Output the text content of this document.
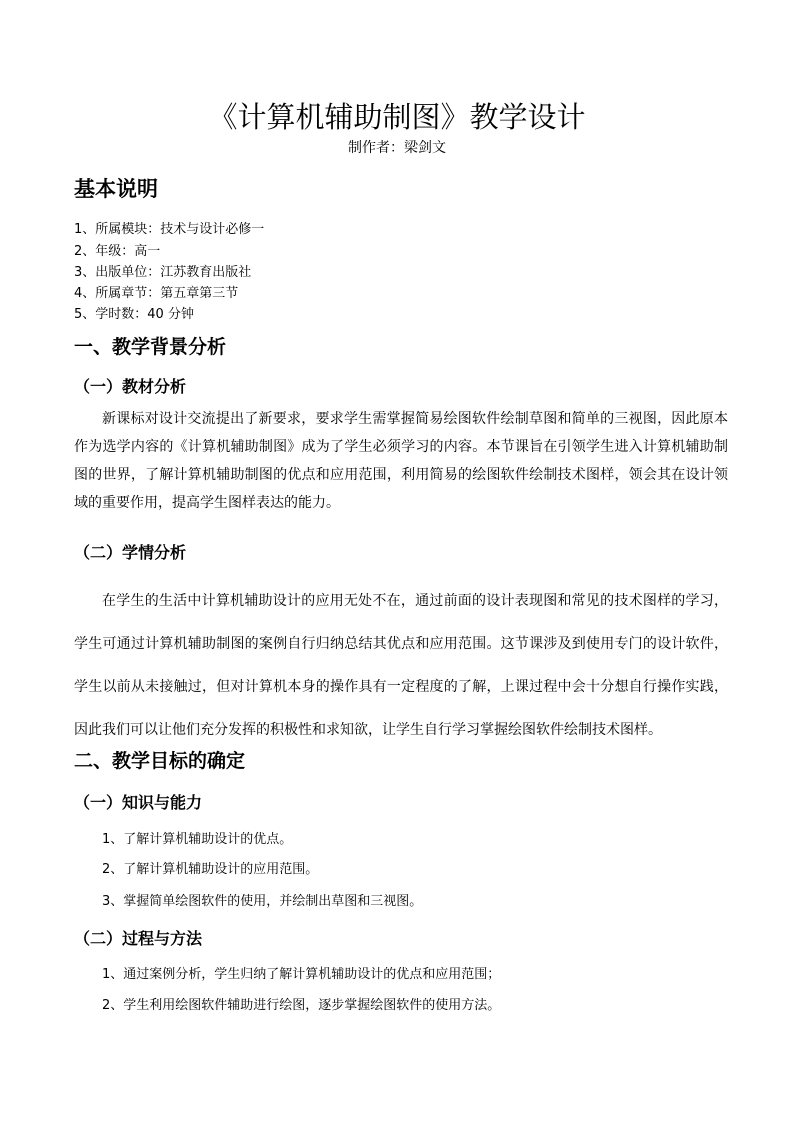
《计算机辅助制图》教学设计
制作者：梁剑文
基本说明
1、所属模块：技术与设计必修一
2、年级：高一
3、出版单位：江苏教育出版社
4、所属章节：第五章第三节
5、学时数：40 分钟
一、教学背景分析
（一）教材分析
新课标对设计交流提出了新要求，要求学生需掌握简易绘图软件绘制草图和简单的三视图，因此原本作为选学内容的《计算机辅助制图》成为了学生必须学习的内容。本节课旨在引领学生进入计算机辅助制图的世界，了解计算机辅助制图的优点和应用范围，利用简易的绘图软件绘制技术图样，领会其在设计领域的重要作用，提高学生图样表达的能力。
（二）学情分析
在学生的生活中计算机辅助设计的应用无处不在，通过前面的设计表现图和常见的技术图样的学习，学生可通过计算机辅助制图的案例自行归纳总结其优点和应用范围。这节课涉及到使用专门的设计软件，学生以前从未接触过，但对计算机本身的操作具有一定程度的了解，上课过程中会十分想自行操作实践，因此我们可以让他们充分发挥的积极性和求知欲，让学生自行学习掌握绘图软件绘制技术图样。
二、教学目标的确定
（一）知识与能力
1、了解计算机辅助设计的优点。
2、了解计算机辅助设计的应用范围。
3、掌握简单绘图软件的使用，并绘制出草图和三视图。
（二）过程与方法
1、通过案例分析，学生归纳了解计算机辅助设计的优点和应用范围；
2、学生利用绘图软件辅助进行绘图，逐步掌握绘图软件的使用方法。
